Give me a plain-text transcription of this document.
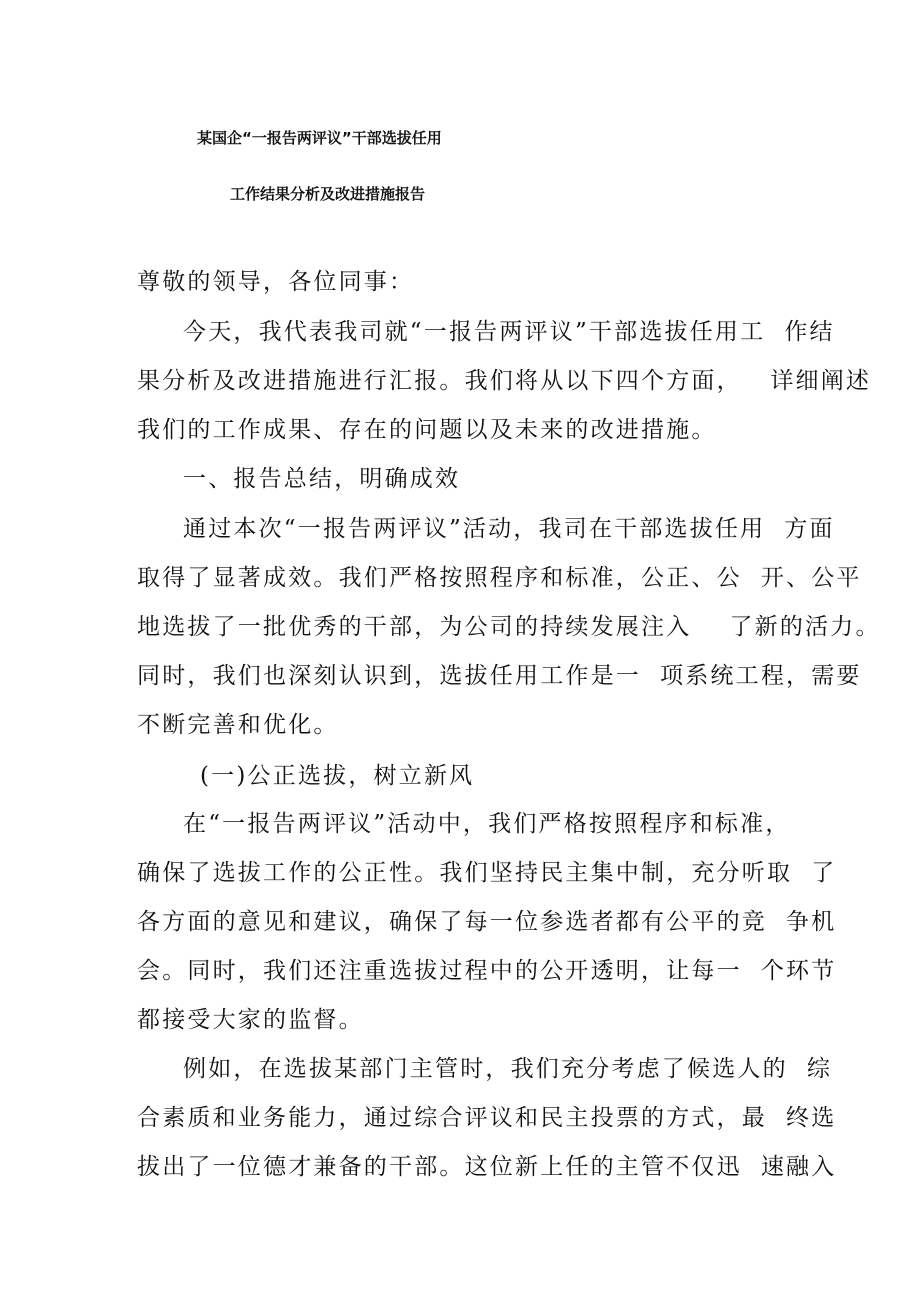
某国企“一报告两评议”干部选拔任用
工作结果分析及改进措施报告

尊敬的领导，各位同事：

今天，我代表我司就“一报告两评议”干部选拔任用工  作结

果分析及改进措施进行汇报。我们将从以下四个方面，   详细阐述

我们的工作成果、存在的问题以及未来的改进措施。

一、报告总结，明确成效

通过本次“一报告两评议”活动，我司在干部选拔任用  方面

取得了显著成效。我们严格按照程序和标准，公正、公  开、公平

地选拔了一批优秀的干部，为公司的持续发展注入    了新的活力。

同时，我们也深刻认识到，选拔任用工作是一  项系统工程，需要

不断完善和优化。

(一)公正选拔，树立新风

在“一报告两评议”活动中，我们严格按照程序和标准，

确保了选拔工作的公正性。我们坚持民主集中制，充分听取  了

各方面的意见和建议，确保了每一位参选者都有公平的竞  争机

会。同时，我们还注重选拔过程中的公开透明，让每一  个环节

都接受大家的监督。

例如，在选拔某部门主管时，我们充分考虑了候选人的  综

合素质和业务能力，通过综合评议和民主投票的方式，最  终选

拔出了一位德才兼备的干部。这位新上任的主管不仅迅  速融入
